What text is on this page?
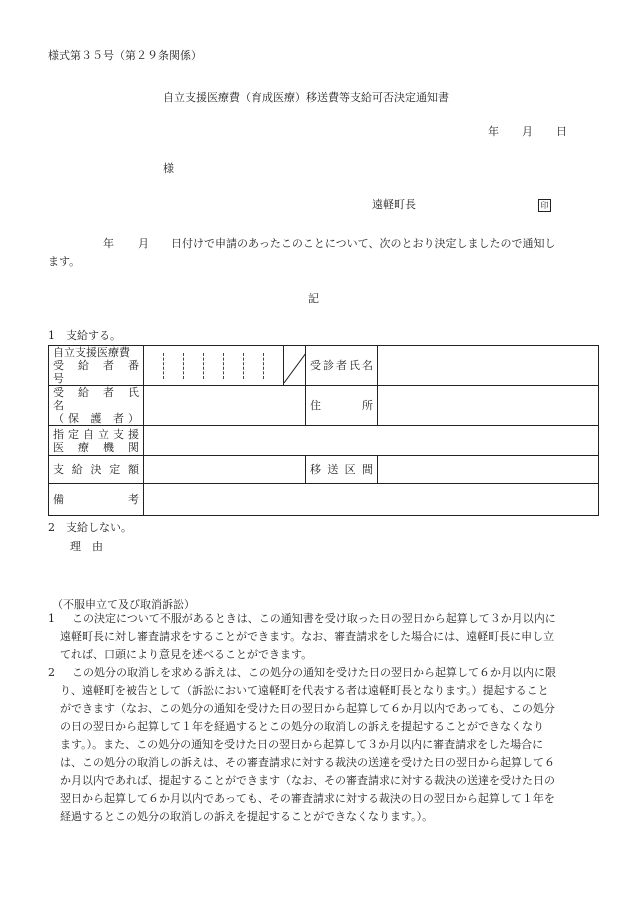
様式第３５号（第２９条関係）
自立支援医療費（育成医療）移送費等支給可否決定通知書
年 月 日
様
遠軽町長	印
年 月 日付けで申請のあったこのことについて、次のとおり決定しましたので通知し
ます。
記
1　支給する。
自立支援医療費
受　給　者　番　号			受診者氏名	

受　給　者　氏　名
（ 保　護　者 ）			住　　所	

指定自立支援
医　療　機　関				

支給決定額			移送区間	
備　　　　考				
2　支給しない。
理　由
（不服申立て及び取消訴訟）
1	この決定について不服があるときは、この通知書を受け取った日の翌日から起算して３か月以内に
遠軽町長に対し審査請求をすることができます。なお、審査請求をした場合には、遠軽町長に申し立
てれば、口頭により意見を述べることができます。
2	この処分の取消しを求める訴えは、この処分の通知を受けた日の翌日から起算して６か月以内に限
り、遠軽町を被告として（訴訟において遠軽町を代表する者は遠軽町長となります。）提起すること
ができます（なお、この処分の通知を受けた日の翌日から起算して６か月以内であっても、この処分
の日の翌日から起算して１年を経過するとこの処分の取消しの訴えを提起することができなくなり
ます。）。また、この処分の通知を受けた日の翌日から起算して３か月以内に審査請求をした場合に
は、この処分の取消しの訴えは、その審査請求に対する裁決の送達を受けた日の翌日から起算して６
か月以内であれば、提起することができます（なお、その審査請求に対する裁決の送達を受けた日の
翌日から起算して６か月以内であっても、その審査請求に対する裁決の日の翌日から起算して１年を
経過するとこの処分の取消しの訴えを提起することができなくなります。）。
